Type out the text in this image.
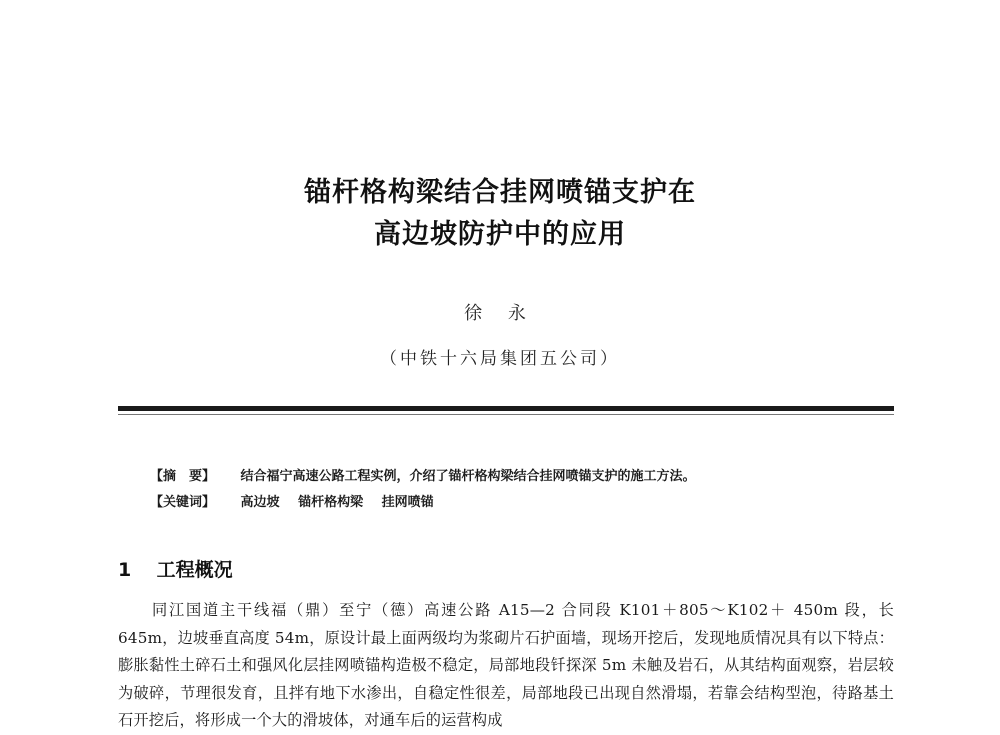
锚杆格构梁结合挂网喷锚支护在
高边坡防护中的应用
徐 永
（中铁十六局集团五公司）
【摘　要】 结合福宁高速公路工程实例，介绍了锚杆格构梁结合挂网喷锚支护的施工方法。
【关键词】 高边坡 锚杆格构梁 挂网喷锚
1 工程概况

同江国道主干线福（鼎）至宁（德）高速公路 A15—2 合同段 K101＋805～K102＋ 450m 段，长 645m，边坡垂直高度 54m，原设计最上面两级均为浆砌片石护面墙，现场开挖后，发现地质情况具有以下特点：膨胀黏性土碎石土和强风化层挂网喷锚构造极不稳定，局部地段钎探深 5m 未触及岩石，从其结构面观察，岩层较为破碎，节理很发育，且拌有地下水渗出，自稳定性很差，局部地段已出现自然滑塌，若靠会结构型泡，待路基土石开挖后，将形成一个大的滑坡体，对通车后的运营构成
